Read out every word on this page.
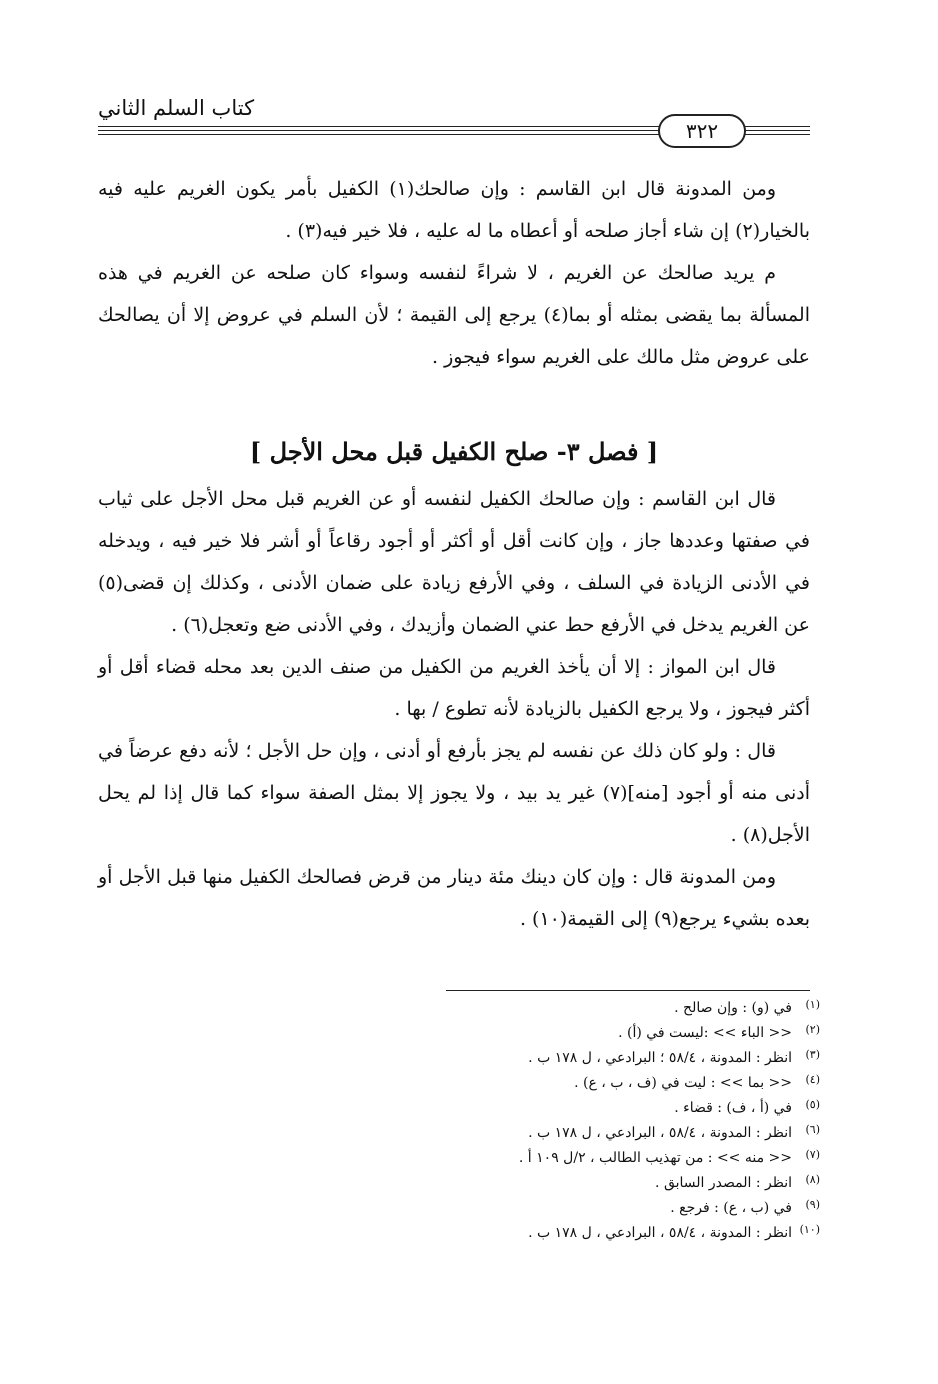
كتاب السلم الثاني
٣٢٢

ومن المدونة قال ابن القاسم : وإن صالحك(١) الكفيل بأمر يكون الغريم عليه فيه بالخيار(٢) إن شاء أجاز صلحه أو أعطاه ما له عليه ، فلا خير فيه(٣) .

م يريد صالحك عن الغريم ، لا شراءً لنفسه وسواء كان صلحه عن الغريم في هذه المسألة بما يقضى بمثله أو بما(٤) يرجع إلى القيمة ؛ لأن السلم في عروض إلا أن يصالحك على عروض مثل مالك على الغريم سواء فيجوز .

[ فصل ٣- صلح الكفيل قبل محل الأجل ]

قال ابن القاسم : وإن صالحك الكفيل لنفسه أو عن الغريم قبل محل الأجل على ثياب في صفتها وعددها جاز ، وإن كانت أقل أو أكثر أو أجود رقاعاً أو أشر فلا خير فيه ، ويدخله في الأدنى الزيادة في السلف ، وفي الأرفع زيادة على ضمان الأدنى ، وكذلك إن قضى(٥) عن الغريم يدخل في الأرفع حط عني الضمان وأزيدك ، وفي الأدنى ضع وتعجل(٦) .

قال ابن المواز : إلا أن يأخذ الغريم من الكفيل من صنف الدين بعد محله قضاء أقل أو أكثر فيجوز ، ولا يرجع الكفيل بالزيادة لأنه تطوع / بها .

قال : ولو كان ذلك عن نفسه لم يجز بأرفع أو أدنى ، وإن حل الأجل ؛ لأنه دفع عرضاً في أدنى منه أو أجود [منه](٧) غير يد بيد ، ولا يجوز إلا بمثل الصفة سواء كما قال إذا لم يحل الأجل(٨) .

ومن المدونة قال : وإن كان دينك مئة دينار من قرض فصالحك الكفيل منها قبل الأجل أو بعده بشيء يرجع(٩) إلى القيمة(١٠) .

(١)في (و) : وإن صالح .
(٢)<< الباء >> :ليست في (أ) .
(٣)انظر : المدونة ، ٥٨/٤ ؛ البرادعي ، ل ١٧٨ ب .
(٤)<< بما >> : ليت في (ف ، ب ، ع) .
(٥)في (أ ، ف) : قضاء .
(٦)انظر : المدونة ، ٥٨/٤ ، البرادعي ، ل ١٧٨ ب .
(٧)<< منه >> : من تهذيب الطالب ، ٢/ل ١٠٩ أ .
(٨)انظر : المصدر السابق .
(٩)في (ب ، ع) : فرجع .
(١٠)انظر : المدونة ، ٥٨/٤ ، البرادعي ، ل ١٧٨ ب .
